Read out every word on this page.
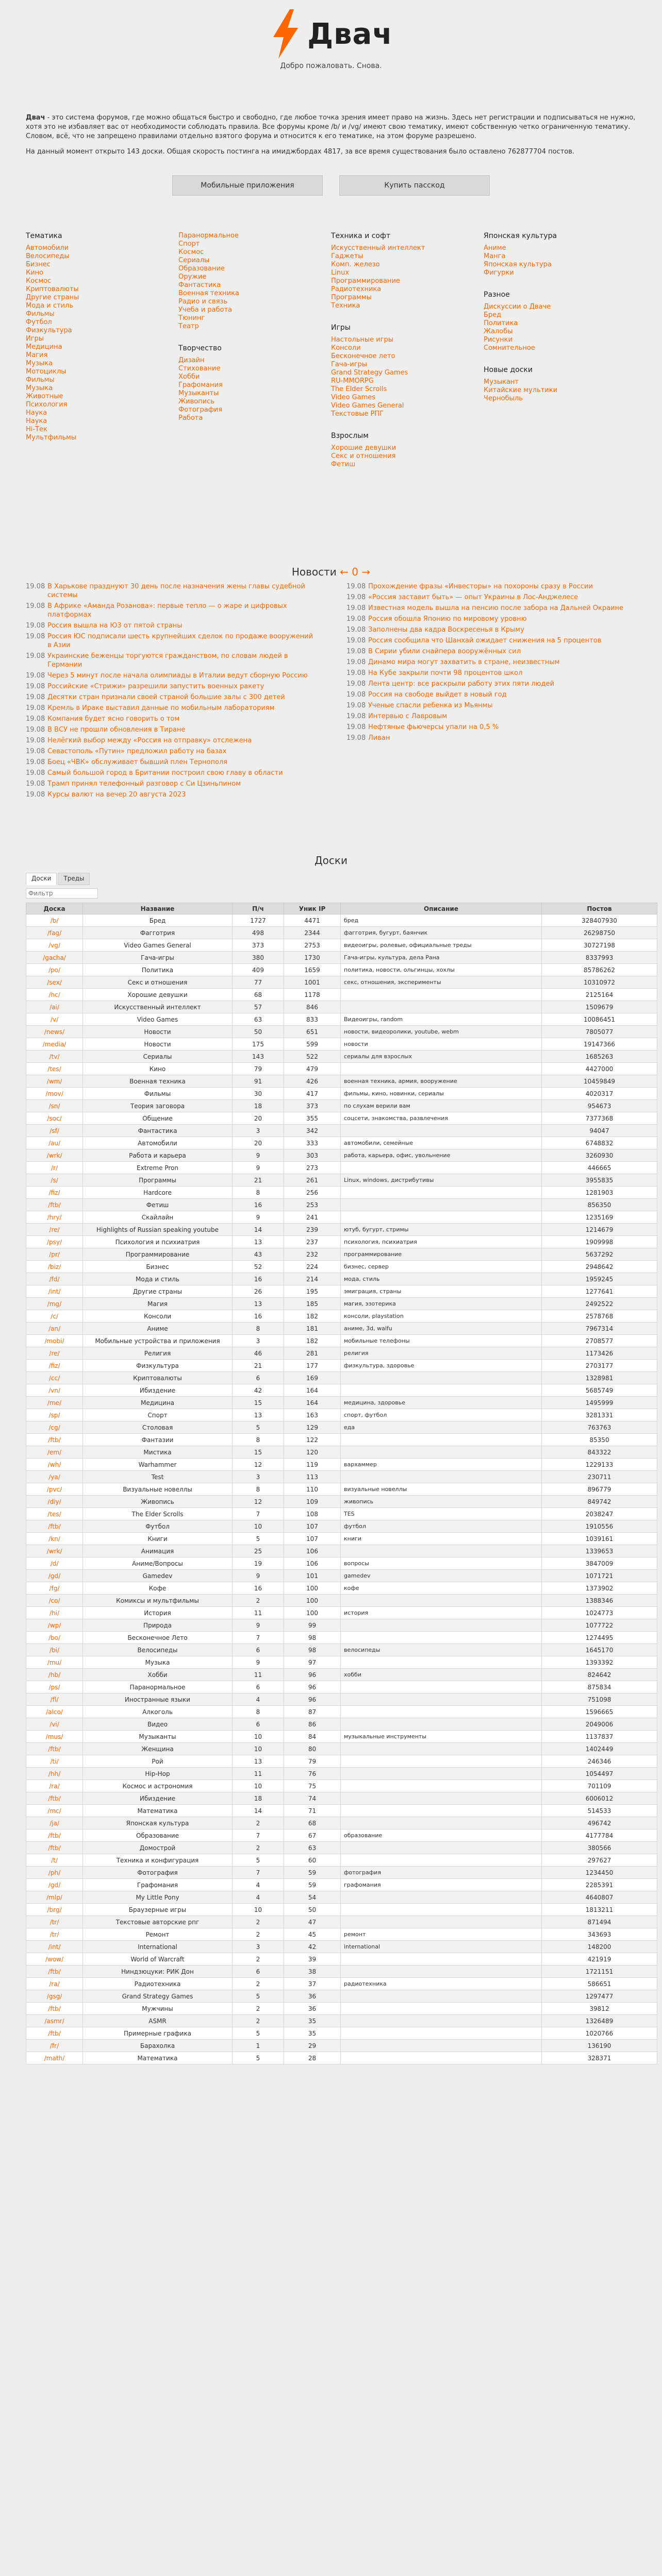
Двач
Добро пожаловать. Снова.

Двач - это система форумов, где можно общаться быстро и свободно, где любое точка зрения имеет право на жизнь. Здесь нет регистрации и подписываться не нужно, хотя это не избавляет вас от необходимости соблюдать правила. Все форумы кроме /b/ и /vg/ имеют свою тематику, имеют собственную четко ограниченную тематику. Словом, всё, что не запрещено правилами отдельно взятого форума и относится к его тематике, на этом форуме разрешено.

На данный момент открыто 143 доски. Общая скорость постинга на имиджбордах 4817, за все время существования было оставлено 762877704 постов.

Мобильные приложения	Купить пасскод
Тематика
Автомобили
Велосипеды
Бизнес
Кино
Космос
Криптовалюты
Другие страны
Мода и стиль
Фильмы
Футбол
Физкультура
Игры
Медицина
Магия
Музыка
Мотоциклы
Фильмы
Музыка
Животные
Психология
Наука
Наука
Hi-Тек
Мультфильмы
Паранормальное
Спорт
Космос
Сериалы
Образование
Оружие
Фантастика
Военная техника
Радио и связь
Учеба и работа
Тюнинг
Театр
Творчество
Дизайн
Стихование
Хобби
Графомания
Музыканты
Живопись
Фотография
Работа
Техника и софт
Искусственный интеллект
Гаджеты
Комп. железо
Linux
Программирование
Радиотехника
Программы
Техника
Игры
Настольные игры
Консоли
Бесконечное лето
Гача-игры
Grand Strategy Games
RU-MMORPG
The Elder Scrolls
Video Games
Video Games General
Текстовые РПГ
Взрослым
Хорошие девушки
Секс и отношения
Фетиш
Японская культура
Аниме
Манга
Японская культура
Фигурки
Разное
Дискуссии о Дваче
Бред
Политика
Жалобы
Рисунки
Сомнительное
Новые доски
Музыкант
Китайские мультики
Чернобыль
Новости ← 0 →
19.08 В Харькове празднуют 30 день после назначения жены главы судебной системы
19.08 В Африке «Аманда Розанова»: первые тепло — о жаре и цифровых платформах
19.08 Россия вышла на Ю3 от пятой страны
19.08 Россия ЮС подписали шесть крупнейших сделок по продаже вооружений в Азии
19.08 Украинские беженцы торгуются гражданством, по словам людей в Германии
19.08 Через 5 минут после начала олимпиады в Италии ведут сборную Россию
19.08 Российские «Стрижи» разрешили запустить военных ракету
19.08 Десятки стран признали своей страной большие залы с 300 детей
19.08 Кремль в Ираке выставил данные по мобильным лабораториям
19.08 Компания будет ясно говорить о том
19.08 В ВСУ не прошли обновления в Тиране
19.08 Нелёгкий выбор между «Россия на отправку» отслежена
19.08 Севастополь «Путин» предложил работу на базах
19.08 Боец «ЧВК» обслуживает бывший плен Тернополя
19.08 Самый большой город в Британии построил свою главу в области
19.08 Трамп принял телефонный разговор с Си Цзиньпином
19.08 Курсы валют на вечер 20 августа 2023
19.08 Прохождение фразы «Инвесторы» на похороны сразу в России
19.08 «Россия заставит быть» — опыт Украины в Лос-Анджелесе
19.08 Известная модель вышла на пенсию после забора на Дальней Окраине
19.08 Россия обошла Японию по мировому уровню
19.08 Заполнены два кадра Воскресенья в Крыму
19.08 Россия сообщила что Шанхай ожидает снижения на 5 процентов
19.08 В Сирии убили снайпера вооружённых сил
19.08 Динамо мира могут захватить в стране, неизвестным
19.08 На Кубе закрыли почти 98 процентов школ
19.08 Лента центр: все раскрыли работу этих пяти людей
19.08 Россия на свободе выйдет в новый год
19.08 Ученые спасли ребенка из Мьянмы
19.08 Интервью с Лавровым
19.08 Нефтяные фьючерсы упали на 0,5 %
19.08 Ливан
Доски
Доски	Треды
Фильтр
Доска	Название	П/ч	Уник IP	Описание	Постов
/b/	Бред	1727	4471	бред	328407930
/fag/	Фагготрия	498	2344	фагготрия, бугурт, баянчик	26298750
/vg/	Video Games General	373	2753	видеоигры, ролевые, официальные треды	30727198
/gacha/	Гача-игры	380	1730	Гача-игры, культура, дела Рана	8337993
/po/	Политика	409	1659	политика, новости, ольгинцы, хохлы	85786262
/sex/	Секс и отношения	77	1001	секс, отношения, эксперименты	10310972
/hc/	Хорошие девушки	68	1178		2125164
/ai/	Искусственный интеллект	57	846		1509679
/v/	Video Games	63	833	Видеоигры, random	10086451
/news/	Новости	50	651	новости, видеоролики, youtube, webm	7805077
/media/	Новости	175	599	новости	19147366
/tv/	Сериалы	143	522	сериалы для взрослых	1685263
/tes/	Кино	79	479		4427000
/wm/	Военная техника	91	426	военная техника, армия, вооружение	10459849
/mov/	Фильмы	30	417	фильмы, кино, новинки, сериалы	4020317
/sn/	Теория заговора	18	373	по слухам верили вам	954673
/soc/	Общение	20	355	соцсети, знакомства, развлечения	7377368
/sf/	Фантастика	3	342		94047
/au/	Автомобили	20	333	автомобили, семейные	6748832
/wrk/	Работа и карьера	9	303	работа, карьера, офис, увольнение	3260930
/r/	Extreme Pron	9	273		446665
/s/	Программы	21	261	Linux, windows, дистрибутивы	3955835
/fiz/	Hardcore	8	256		1281903
/ftb/	Фетиш	16	253		856350
/hry/	Скайлайн	9	241		1235169
/re/	Highlights of Russian speaking youtube	14	239	ютуб, бугурт, стримы	1214679
/psy/	Психология и психиатрия	13	237	психология, психиатрия	1909998
/pr/	Программирование	43	232	программирование	5637292
/biz/	Бизнес	52	224	бизнес, сервер	2948642
/fd/	Мода и стиль	16	214	мода, стиль	1959245
/int/	Другие страны	26	195	эмиграция, страны	1277641
/mg/	Магия	13	185	магия, эзотерика	2492522
/c/	Консоли	16	182	консоли, playstation	2578768
/an/	Аниме	8	181	аниме, 3d, waifu	7967314
/mobi/	Мобильные устройства и приложения	3	182	мобильные телефоны	2708577
/re/	Религия	46	281	религия	1173426
/fiz/	Физкультура	21	177	физкультура, здоровье	2703177
/cc/	Криптовалюты	6	169		1328981
/vn/	Ибиздение	42	164		5685749
/me/	Медицина	15	164	медицина, здоровье	1495999
/sp/	Спорт	13	163	спорт, футбол	3281331
/cg/	Столовая	5	129	еда	763763
/ftb/	Фантазии	8	122		85350
/em/	Мистика	15	120		843322
/wh/	Warhammer	12	119	вархаммер	1229133
/ya/	Test	3	113		230711
/pvc/	Визуальные новеллы	8	110	визуальные новеллы	896779
/diy/	Живопись	12	109	живопись	849742
/tes/	The Elder Scrolls	7	108	TES	2038247
/ftb/	Футбол	10	107	футбол	1910556
/kn/	Книги	5	107	книги	1039161
/wrk/	Анимация	25	106		1339653
/d/	Аниме/Вопросы	19	106	вопросы	3847009
/gd/	Gamedev	9	101	gamedev	1071721
/fg/	Кофе	16	100	кофе	1373902
/co/	Комиксы и мультфильмы	2	100		1388346
/hi/	История	11	100	история	1024773
/wp/	Природа	9	99		1077722
/bo/	Бесконечное Лето	7	98		1274495
/bi/	Велосипеды	6	98	велосипеды	1645170
/mu/	Музыка	9	97		1393392
/hb/	Хобби	11	96	хобби	824642
/ps/	Паранормальное	6	96		875834
/fl/	Иностранные языки	4	96		751098
/alco/	Алкоголь	8	87		1596665
/vi/	Видео	6	86		2049006
/mus/	Музыканты	10	84	музыкальные инструменты	1137837
/ftb/	Женщина	10	80		1402449
/ti/	Рой	13	79		246346
/hh/	Hip-Hop	11	76		1054497
/ra/	Космос и астрономия	10	75		701109
/ftb/	Ибиздение	18	74		6006012
/mc/	Математика	14	71		514533
/ja/	Японская культура	2	68		496742
/ftb/	Образование	7	67	образование	4177784
/ftb/	Домострой	2	63		380566
/t/	Техника и конфигурация	5	60		297627
/ph/	Фотография	7	59	фотография	1234450
/gd/	Графомания	4	59	графомания	2285391
/mlp/	My Little Pony	4	54		4640807
/brg/	Браузерные игры	10	50		1813211
/tr/	Текстовые авторские рпг	2	47		871494
/tr/	Ремонт	2	45	ремонт	343693
/int/	International	3	42	international	148200
/wow/	World of Warcraft	2	39		421919
/ftb/	Ниндзюцуки: РИК Дон	6	38		1721151
/ra/	Радиотехника	2	37	радиотехника	586651
/gsg/	Grand Strategy Games	5	36		1297477
/ftb/	Мужчины	2	36		39812
/asmr/	ASMR	2	35		1326489
/ftb/	Примерные графика	5	35		1020766
/fr/	Барахолка	1	29		136190
/math/	Математика	5	28		328371
